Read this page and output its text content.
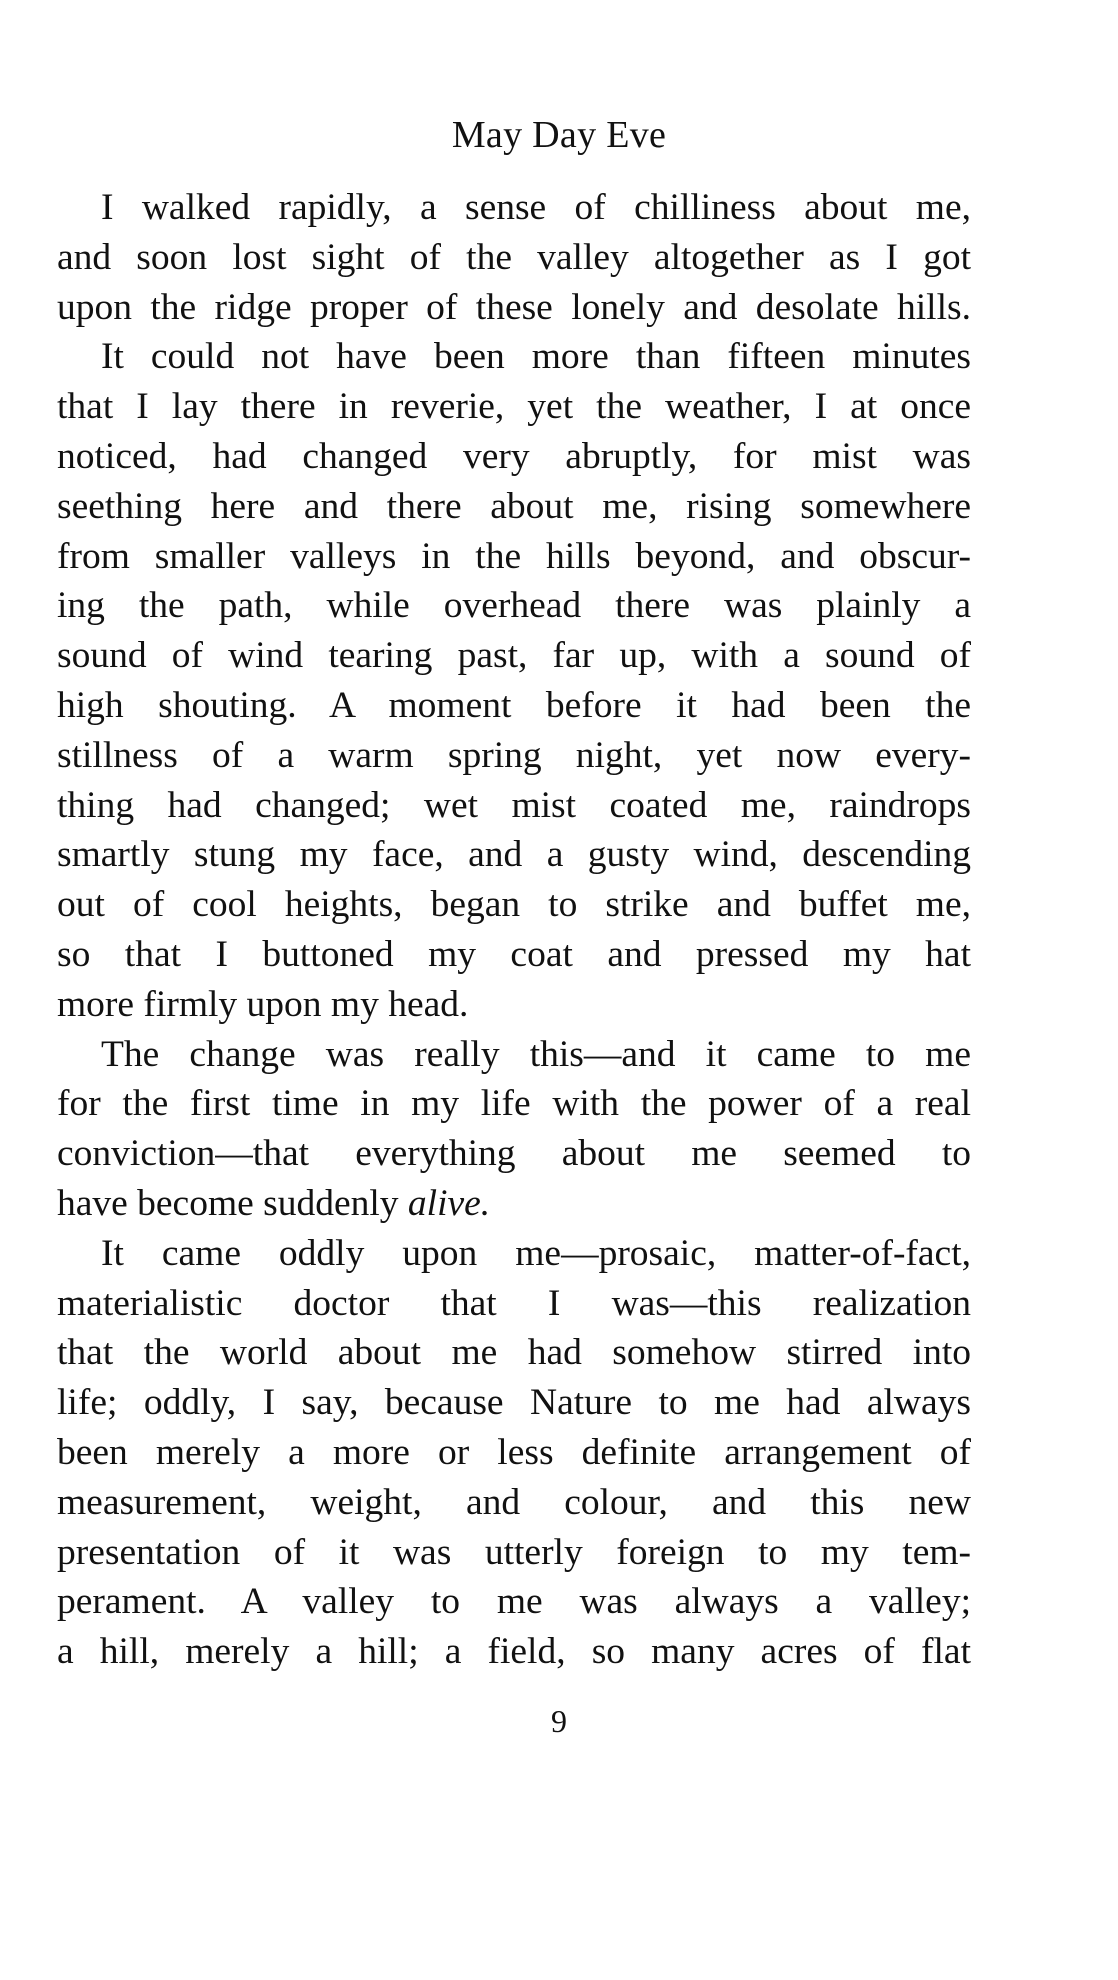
May Day Eve

I walked rapidly, a sense of chilliness about me,
and soon lost sight of the valley altogether as I got
upon the ridge proper of these lonely and desolate hills.

It could not have been more than fifteen minutes
that I lay there in reverie, yet the weather, I at once
noticed, had changed very abruptly, for mist was
seething here and there about me, rising somewhere
from smaller valleys in the hills beyond, and obscur-
ing the path, while overhead there was plainly a
sound of wind tearing past, far up, with a sound of
high shouting. A moment before it had been the
stillness of a warm spring night, yet now every-
thing had changed; wet mist coated me, raindrops
smartly stung my face, and a gusty wind, descending
out of cool heights, began to strike and buffet me,
so that I buttoned my coat and pressed my hat
more firmly upon my head.

The change was really this—and it came to me
for the first time in my life with the power of a real
conviction—that everything about me seemed to
have become suddenly alive.

It came oddly upon me—prosaic, matter-of-fact,
materialistic doctor that I was—this realization
that the world about me had somehow stirred into
life; oddly, I say, because Nature to me had always
been merely a more or less definite arrangement of
measurement, weight, and colour, and this new
presentation of it was utterly foreign to my tem-
perament. A valley to me was always a valley;
a hill, merely a hill; a field, so many acres of flat

9
